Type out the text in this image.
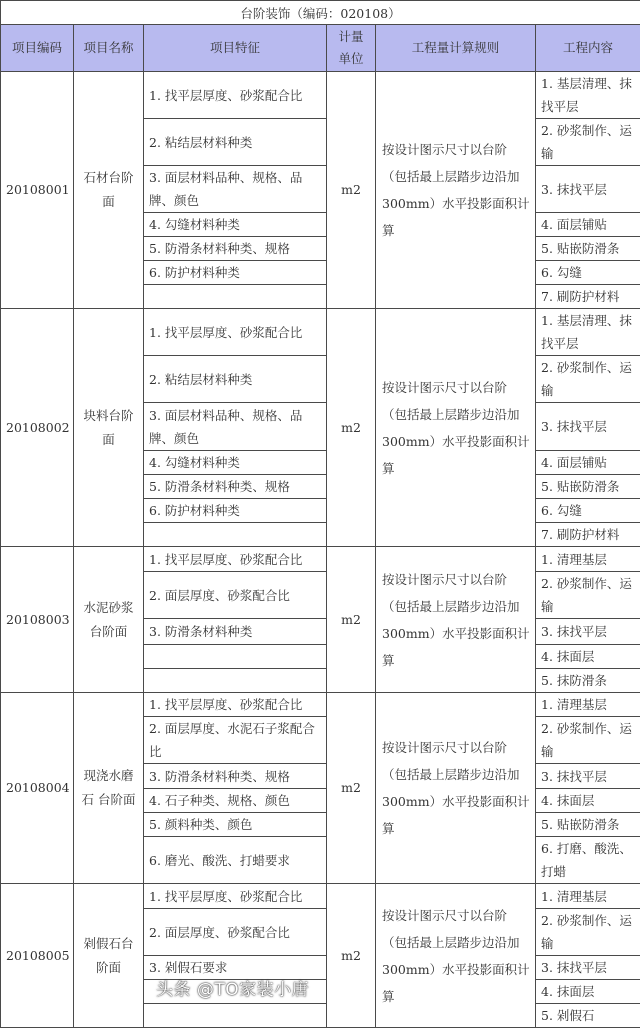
台阶装饰（编码：020108）					
项目编码	项目名称	项目特征	计量单位	工程量计算规则	工程内容
20108001	石材台阶面	1. 找平层厚度、砂浆配合比	m2	按设计图示尺寸以台阶（包括最上层踏步边沿加300mm）水平投影面积计算	1. 基层清理、抹找平层
		2. 粘结层材料种类			2. 砂浆制作、运输
		3. 面层材料品种、规格、品牌、颜色			3. 抹找平层
		4. 勾缝材料种类			4. 面层铺贴
		5. 防滑条材料种类、规格			5. 贴嵌防滑条
		6. 防护材料种类			6. 勾缝
					7. 刷防护材料
20108002	块料台阶面	1. 找平层厚度、砂浆配合比	m2	按设计图示尺寸以台阶（包括最上层踏步边沿加300mm）水平投影面积计算	1. 基层清理、抹找平层
		2. 粘结层材料种类			2. 砂浆制作、运输
		3. 面层材料品种、规格、品牌、颜色			3. 抹找平层
		4. 勾缝材料种类			4. 面层铺贴
		5. 防滑条材料种类、规格			5. 贴嵌防滑条
		6. 防护材料种类			6. 勾缝
					7. 刷防护材料
20108003	水泥砂浆台阶面	1. 找平层厚度、砂浆配合比	m2	按设计图示尺寸以台阶（包括最上层踏步边沿加300mm）水平投影面积计算	1. 清理基层
		2. 面层厚度、砂浆配合比			2. 砂浆制作、运输
		3. 防滑条材料种类			3. 抹找平层
					4. 抹面层
					5. 抹防滑条
20108004	现浇水磨石 台阶面	1. 找平层厚度、砂浆配合比	m2	按设计图示尺寸以台阶（包括最上层踏步边沿加300mm）水平投影面积计算	1. 清理基层
		2. 面层厚度、水泥石子浆配合比			2. 砂浆制作、运输
		3. 防滑条材料种类、规格			3. 抹找平层
		4. 石子种类、规格、颜色			4. 抹面层
		5. 颜料种类、颜色			5. 贴嵌防滑条
		6. 磨光、酸洗、打蜡要求			6. 打磨、酸洗、打蜡
20108005	剁假石台阶面	1. 找平层厚度、砂浆配合比	m2	按设计图示尺寸以台阶（包括最上层踏步边沿加300mm）水平投影面积计算	1. 清理基层
		2. 面层厚度、砂浆配合比			2. 砂浆制作、运输
		3. 剁假石要求			3. 抹找平层
					4. 抹面层
					5. 剁假石
头条 @TO家装小唐
